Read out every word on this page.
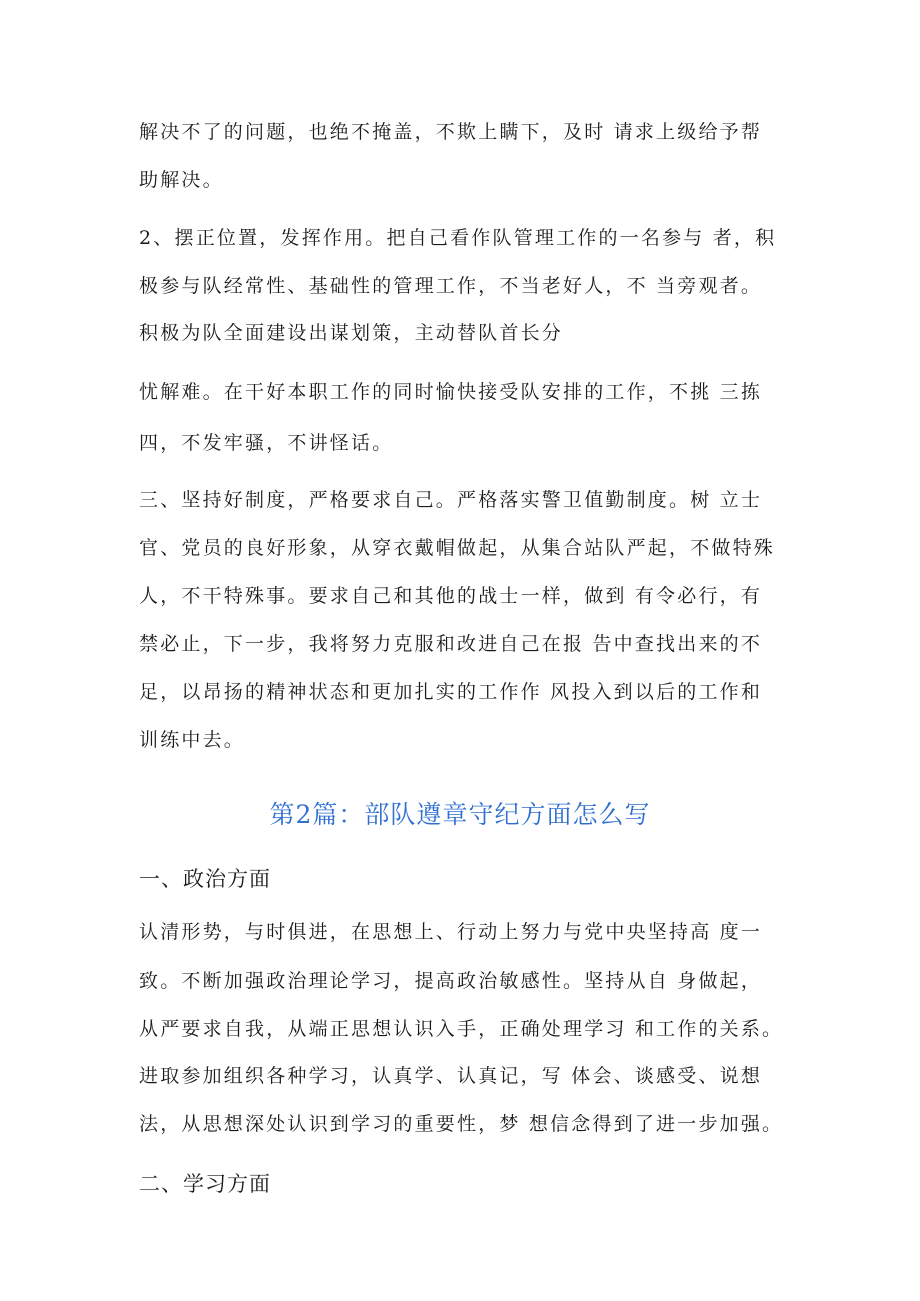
解决不了的问题，也绝不掩盖，不欺上瞒下，及时 请求上级给予帮
助解决。
2、摆正位置，发挥作用。把自己看作队管理工作的一名参与 者，积
极参与队经常性、基础性的管理工作，不当老好人，不 当旁观者。
积极为队全面建设出谋划策，主动替队首长分
忧解难。在干好本职工作的同时愉快接受队安排的工作，不挑 三拣
四，不发牢骚，不讲怪话。
三、坚持好制度，严格要求自己。严格落实警卫值勤制度。树 立士
官、党员的良好形象，从穿衣戴帽做起，从集合站队严起，不做特殊
人，不干特殊事。要求自己和其他的战士一样，做到 有令必行，有
禁必止，下一步，我将努力克服和改进自己在报 告中查找出来的不
足，以昂扬的精神状态和更加扎实的工作作 风投入到以后的工作和
训练中去。
第2篇：部队遵章守纪方面怎么写
一、政治方面
认清形势，与时俱进，在思想上、行动上努力与党中央坚持高 度一
致。不断加强政治理论学习，提高政治敏感性。坚持从自 身做起，
从严要求自我，从端正思想认识入手，正确处理学习 和工作的关系。
进取参加组织各种学习，认真学、认真记，写 体会、谈感受、说想
法，从思想深处认识到学习的重要性，梦 想信念得到了进一步加强。
二、学习方面
